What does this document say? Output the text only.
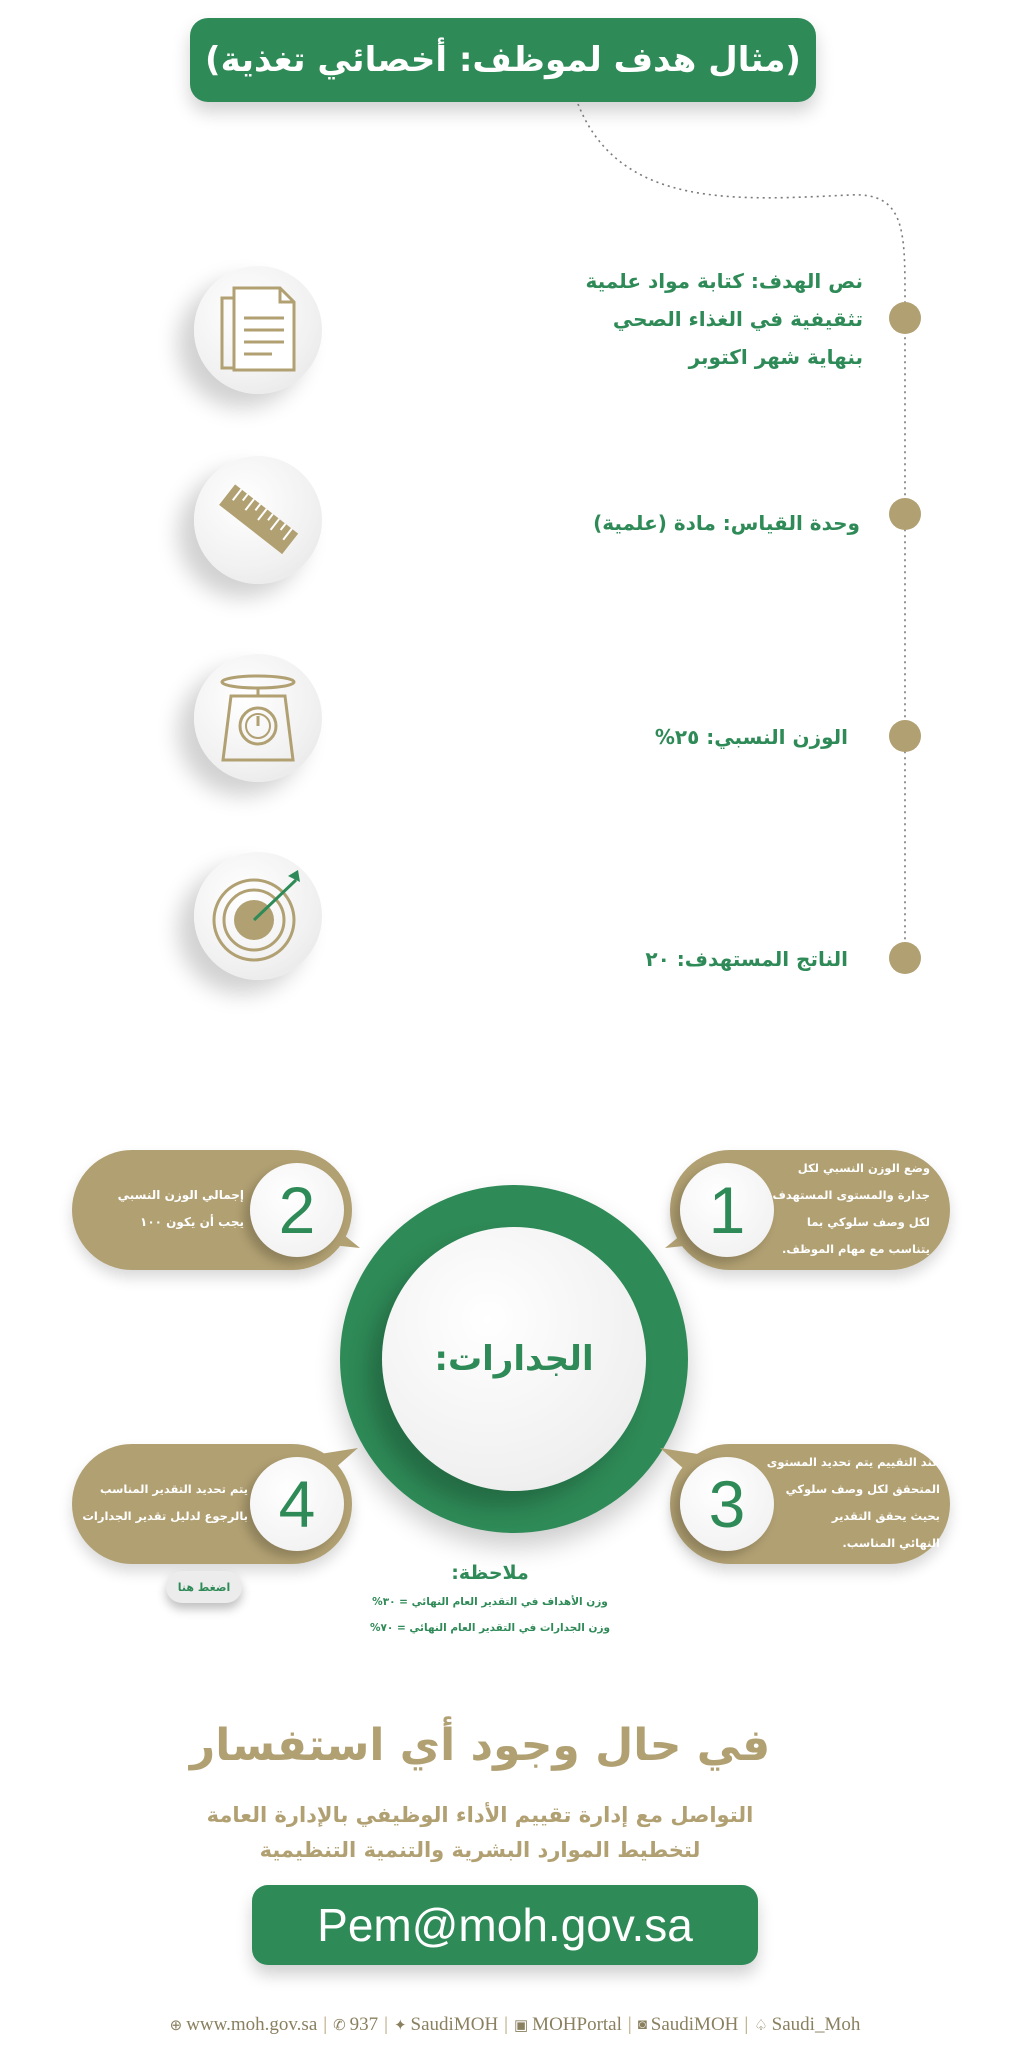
(مثال هدف لموظف: أخصائي تغذية)
نص الهدف: كتابة مواد علمية
تثقيفية في الغذاء الصحي
بنهاية شهر اكتوبر
وحدة القياس: مادة (علمية)
الوزن النسبي: ٢٥%
الناتج المستهدف: ٢٠
الجدارات:
1
وضع الوزن النسبي لكل
جدارة والمستوى المستهدف
لكل وصف سلوكي بما
يتناسب مع مهام الموظف.
2
إجمالي الوزن النسبي
يجب أن يكون ١٠٠
3
عند التقييم يتم تحديد المستوى
المتحقق لكل وصف سلوكي
بحيث يحقق التقدير
النهائي المناسب.
4
يتم تحديد التقدير المناسب
بالرجوع لدليل تقدير الجدارات
اضغط هنا
ملاحظة:
وزن الأهداف في التقدير العام النهائي = ٣٠%
وزن الجدارات في التقدير العام النهائي = ٧٠%
في حال وجود أي استفسار
التواصل مع إدارة تقييم الأداء الوظيفي بالإدارة العامة
لتخطيط الموارد البشرية والتنمية التنظيمية
Pem@moh.gov.sa
⊕ www.moh.gov.sa | ✆ 937 | ✦ SaudiMOH | ▣ MOHPortal | ◙ SaudiMOH | ♤ Saudi_Moh
